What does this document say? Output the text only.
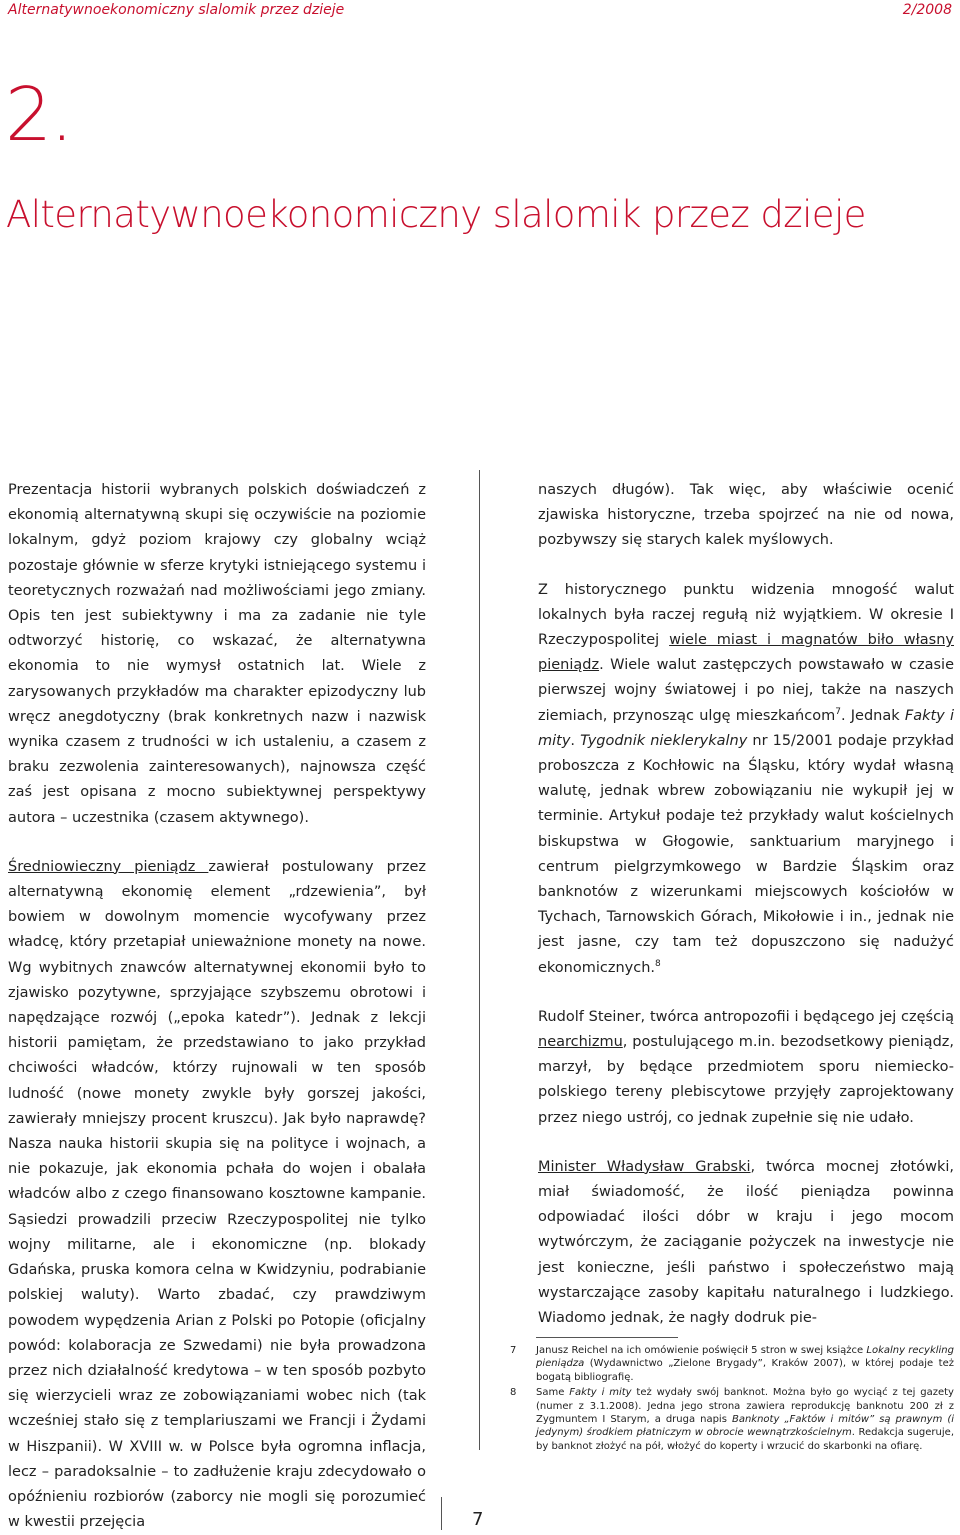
Alternatywnoekonomiczny slalomik przez dzieje	2/2008
2.
Alternatywnoekonomiczny slalomik przez dzieje

Prezentacja historii wybranych polskich doświadczeń z ekonomią alternatywną skupi się oczywiście na poziomie lokalnym, gdyż poziom krajowy czy globalny wciąż pozostaje głównie w sferze krytyki istniejącego systemu i teoretycznych rozważań nad możliwościami jego zmiany. Opis ten jest subiektywny i ma za zadanie nie tyle odtworzyć historię, co wskazać, że alternatywna ekonomia to nie wymysł ostatnich lat. Wiele z zarysowanych przykładów ma charakter epizodyczny lub wręcz anegdotyczny (brak konkretnych nazw i nazwisk wynika czasem z trudności w ich ustaleniu, a czasem z braku zezwolenia zainteresowanych), najnowsza część zaś jest opisana z mocno subiektywnej perspektywy autora – uczestnika (czasem aktywnego).

Średniowieczny pieniądz zawierał postulowany przez alternatywną ekonomię element „rdzewienia”, był bowiem w dowolnym momencie wycofywany przez władcę, który przetapiał unieważnione monety na nowe. Wg wybitnych znawców alternatywnej ekonomii było to zjawisko pozytywne, sprzyjające szybszemu obrotowi i napędzające rozwój („epoka katedr”). Jednak z lekcji historii pamiętam, że przedstawiano to jako przykład chciwości władców, którzy rujnowali w ten sposób ludność (nowe monety zwykle były gorszej jakości, zawierały mniejszy procent kruszcu). Jak było naprawdę? Nasza nauka historii skupia się na polityce i wojnach, a nie pokazuje, jak ekonomia pchała do wojen i obalała władców albo z czego finansowano kosztowne kampanie. Sąsiedzi prowadzili przeciw Rzeczypospolitej nie tylko wojny militarne, ale i ekonomiczne (np. blokady Gdańska, pruska komora celna w Kwidzyniu, podrabianie polskiej waluty). Warto zbadać, czy prawdziwym powodem wypędzenia Arian z Polski po Potopie (oficjalny powód: kolaboracja ze Szwedami) nie była prowadzona przez nich działalność kredytowa – w ten sposób pozbyto się wierzycieli wraz ze zobowiązaniami wobec nich (tak wcześniej stało się z templariuszami we Francji i Żydami w Hiszpanii). W XVIII w. w Polsce była ogromna inflacja, lecz – paradoksalnie – to zadłużenie kraju zdecydowało o opóźnieniu rozbiorów (zaborcy nie mogli się porozumieć w kwestii przejęcia

naszych długów). Tak więc, aby właściwie ocenić zjawiska historyczne, trzeba spojrzeć na nie od nowa, pozbywszy się starych kalek myślowych.

Z historycznego punktu widzenia mnogość walut lokalnych była raczej regułą niż wyjątkiem. W okresie I Rzeczypospolitej wiele miast i magnatów biło własny pieniądz. Wiele walut zastępczych powstawało w czasie pierwszej wojny światowej i po niej, także na naszych ziemiach, przynosząc ulgę mieszkańcom$^7$. Jednak Fakty i mity. Tygodnik nieklerykalny nr 15/2001 podaje przykład proboszcza z Kochłowic na Śląsku, który wydał własną walutę, jednak wbrew zobowiązaniu nie wykupił jej w terminie. Artykuł podaje też przykłady walut kościelnych biskupstwa w Głogowie, sanktuarium maryjnego i centrum pielgrzymkowego w Bardzie Śląskim oraz banknotów z wizerunkami miejscowych kościołów w Tychach, Tarnowskich Górach, Mikołowie i in., jednak nie jest jasne, czy tam też dopuszczono się nadużyć ekonomicznych.$^8$

Rudolf Steiner, twórca antropozofii i będącego jej częścią nearchizmu, postulującego m.in. bezodsetkowy pieniądz, marzył, by będące przedmiotem sporu niemiecko-polskiego tereny plebiscytowe przyjęły zaprojektowany przez niego ustrój, co jednak zupełnie się nie udało.

Minister Władysław Grabski, twórca mocnej złotówki, miał świadomość, że ilość pieniądza powinna odpowiadać ilości dóbr w kraju i jego mocom wytwórczym, że zaciąganie pożyczek na inwestycje nie jest konieczne, jeśli państwo i społeczeństwo mają wystarczające zasoby kapitału naturalnego i ludzkiego. Wiadomo jednak, że nagły dodruk pie-

7 Janusz Reichel na ich omówienie poświęcił 5 stron w swej książce Lokalny recykling pieniądza (Wydawnictwo „Zielone Brygady”, Kraków 2007), w której podaje też bogatą bibliografię.
8 Same Fakty i mity też wydały swój banknot. Można było go wyciąć z tej gazety (numer z 3.1.2008). Jedna jego strona zawiera reprodukcję banknotu 200 zł z Zygmuntem I Starym, a druga napis Banknoty „Faktów i mitów” są prawnym (i jedynym) środkiem płatniczym w obrocie wewnątrzkościelnym. Redakcja sugeruje, by banknot złożyć na pół, włożyć do koperty i wrzucić do skarbonki na ofiarę.
7
